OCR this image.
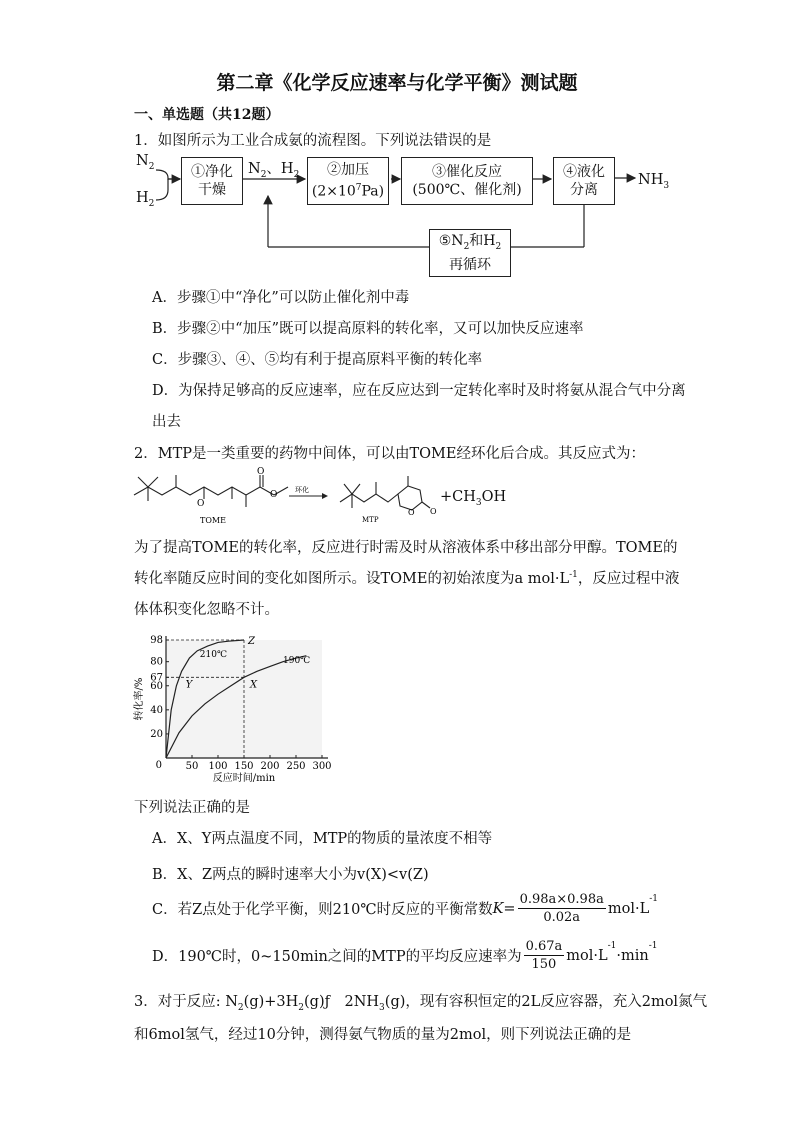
第二章《化学反应速率与化学平衡》测试题
一、单选题（共12题）
1．如图所示为工业合成氨的流程图。下列说法错误的是
$N_2$
$H_2$
①净化
干燥
$N_2$、$H_2$	②加压
$(2\times 10^7Pa)$
③催化反应
(500℃、催化剂)
④液化
分离
$NH_3$
$⑤N_2$和$H_2$
再循环
A．步骤①中“净化”可以防止催化剂中毒
B．步骤②中“加压”既可以提高原料的转化率，又可以加快反应速率
C．步骤③、④、⑤均有利于提高原料平衡的转化率
D．为保持足够高的反应速率，应在反应达到一定转化率时及时将氨从混合气中分离
出去
2．MTP是一类重要的药物中间体，可以由TOME经环化后合成。其反应式为：
O
O
O
TOME
环化
O O
MTP
$+CH_3OH$
为了提高TOME的转化率，反应进行时需及时从溶液体系中移出部分甲醇。TOME的
转化率随反应时间的变化如图所示。设TOME的初始浓度为a $mol\cdot L^{-1}$，反应过程中液
体体积变化忽略不计。
0 50 100 150 200 250 300
20
40
60
67
80
98
反应时间/min
转化率/%
210℃
190℃
Z
Y	X
下列说法正确的是
A．X、Y两点温度不同，MTP的物质的量浓度不相等
B．X、Z两点的瞬时速率大小为v(X)<v(Z)
C．若Z点处于化学平衡，则210℃时反应的平衡常数 $K= \frac{0.98a\times 0.98a}{0.02a} mol\cdot L$
$^{-1}$
D．190℃时，0~150min之间的MTP的平均反应速率为 $\frac{0.67a}{150} mol\cdot L$
$^{-1}$
·min
$^{-1}$
3．对于反应: $N_2(g)+3H_2(g)ƒ$　$2NH_3(g)$，现有容积恒定的2L反应容器，充入2mol氮气
和6mol氢气，经过10分钟，测得氨气物质的量为2mol，则下列说法正确的是
